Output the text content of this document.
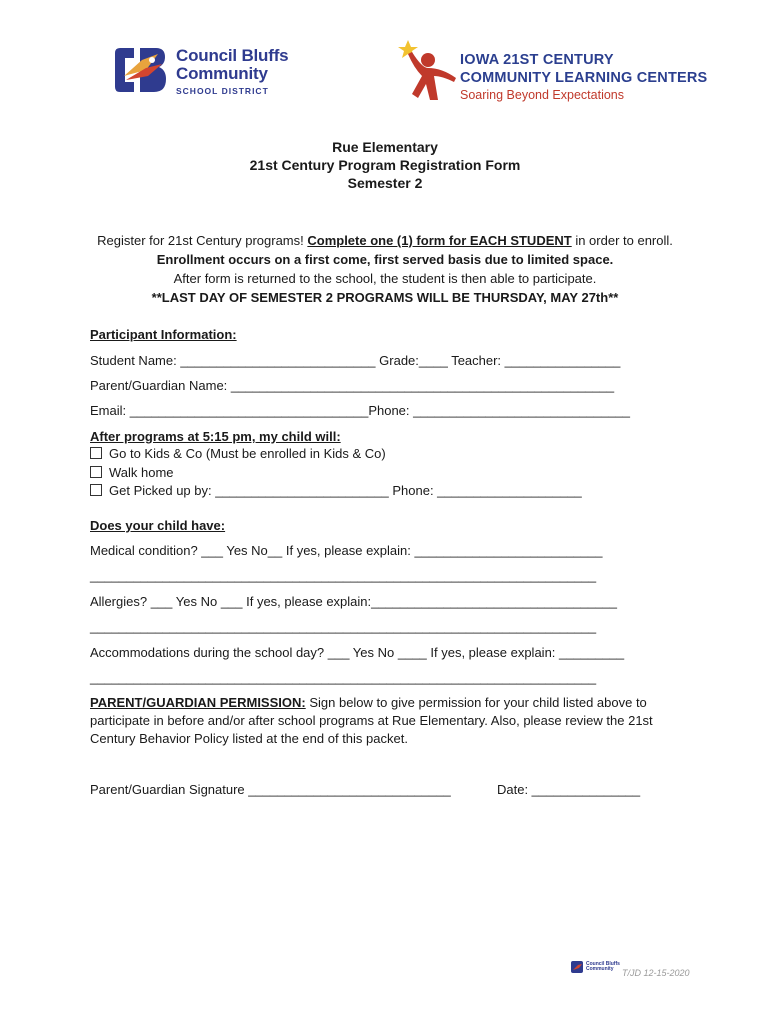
Council Bluffs
Community
SCHOOL DISTRICT
IOWA 21ST CENTURY
COMMUNITY LEARNING CENTERS
Soaring Beyond Expectations
Rue Elementary
21st Century Program Registration Form
Semester 2
Register for 21st Century programs! Complete one (1) form for EACH STUDENT in order to enroll.
Enrollment occurs on a first come, first served basis due to limited space.
After form is returned to the school, the student is then able to participate.
**LAST DAY OF SEMESTER 2 PROGRAMS WILL BE THURSDAY, MAY 27th**
Participant Information:
Student Name: ___________________________ Grade:____ Teacher: ________________
Parent/Guardian Name: _____________________________________________________
Email: _________________________________Phone: ______________________________
After programs at 5:15 pm, my child will:
Go to Kids & Co (Must be enrolled in Kids & Co)
Walk home
Get Picked up by: ________________________ Phone: ____________________
Does your child have:
Medical condition? ___ Yes No__ If yes, please explain: __________________________
______________________________________________________________________
Allergies? ___ Yes No ___ If yes, please explain:__________________________________
______________________________________________________________________
Accommodations during the school day? ___ Yes No ____ If yes, please explain: _________
______________________________________________________________________
PARENT/GUARDIAN PERMISSION: Sign below to give permission for your child listed above to participate in before and/or after school programs at Rue Elementary. Also, please review the 21st Century Behavior Policy listed at the end of this packet.
Parent/Guardian Signature ____________________________	Date: _______________
Council Bluffs Community T/JD 12-15-2020
